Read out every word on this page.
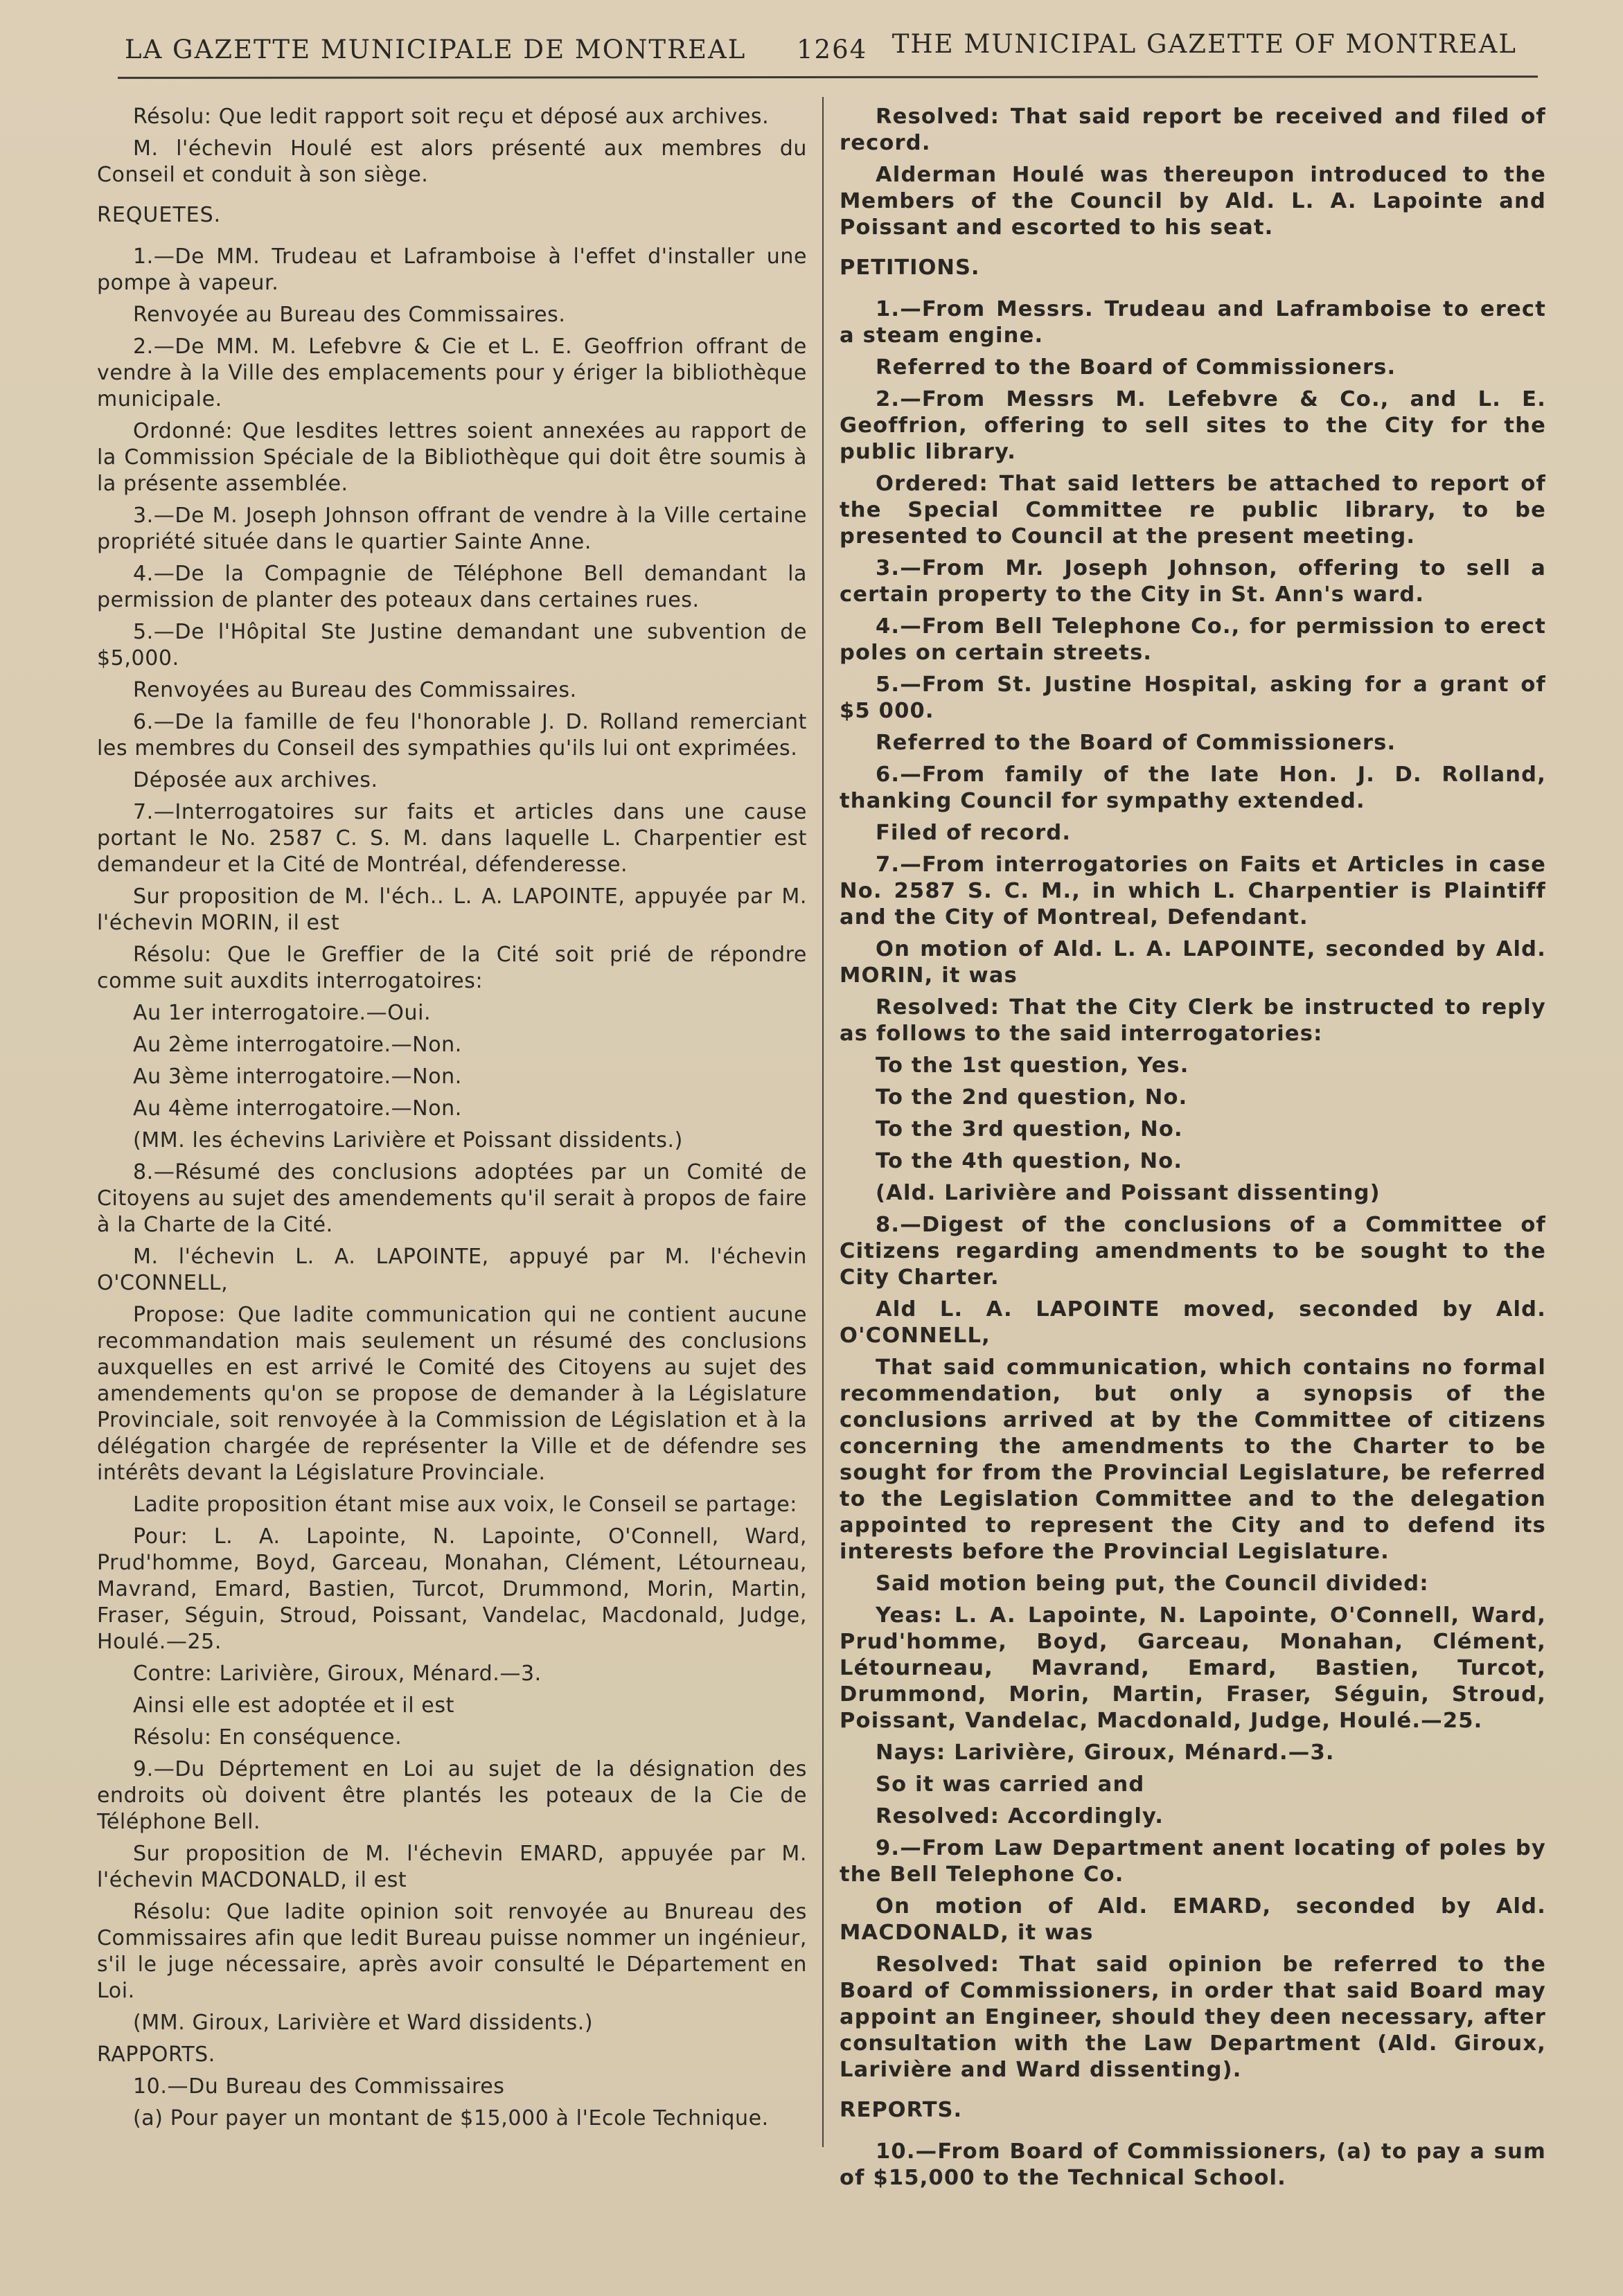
LA GAZETTE MUNICIPALE DE MONTREAL 1264 THE MUNICIPAL GAZETTE OF MONTREAL

Résolu: Que ledit rapport soit reçu et déposé aux archives.

M. l'échevin Houlé est alors présenté aux membres du Conseil et conduit à son siège.

REQUETES.

1.—De MM. Trudeau et Laframboise à l'effet d'installer une pompe à vapeur.

Renvoyée au Bureau des Commissaires.

2.—De MM. M. Lefebvre & Cie et L. E. Geoffrion offrant de vendre à la Ville des emplacements pour y ériger la bibliothèque municipale.

Ordonné: Que lesdites lettres soient annexées au rapport de la Commission Spéciale de la Bibliothèque qui doit être soumis à la présente assemblée.

3.—De M. Joseph Johnson offrant de vendre à la Ville certaine propriété située dans le quartier Sainte Anne.

4.—De la Compagnie de Téléphone Bell demandant la permission de planter des poteaux dans certaines rues.

5.—De l'Hôpital Ste Justine demandant une subvention de $5,000.

Renvoyées au Bureau des Commissaires.

6.—De la famille de feu l'honorable J. D. Rolland remerciant les membres du Conseil des sympathies qu'ils lui ont exprimées.

Déposée aux archives.

7.—Interrogatoires sur faits et articles dans une cause portant le No. 2587 C. S. M. dans laquelle L. Charpentier est demandeur et la Cité de Montréal, défenderesse.

Sur proposition de M. l'éch.. L. A. LAPOINTE, appuyée par M. l'échevin MORIN, il est

Résolu: Que le Greffier de la Cité soit prié de répondre comme suit auxdits interrogatoires:

Au 1er interrogatoire.—Oui.

Au 2ème interrogatoire.—Non.

Au 3ème interrogatoire.—Non.

Au 4ème interrogatoire.—Non.

(MM. les échevins Larivière et Poissant dissidents.)

8.—Résumé des conclusions adoptées par un Comité de Citoyens au sujet des amendements qu'il serait à propos de faire à la Charte de la Cité.

M. l'échevin L. A. LAPOINTE, appuyé par M. l'échevin O'CONNELL,

Propose: Que ladite communication qui ne contient aucune recommandation mais seulement un résumé des conclusions auxquelles en est arrivé le Comité des Citoyens au sujet des amendements qu'on se propose de demander à la Législature Provinciale, soit renvoyée à la Commission de Législation et à la délégation chargée de représenter la Ville et de défendre ses intérêts devant la Législature Provinciale.

Ladite proposition étant mise aux voix, le Conseil se partage:

Pour: L. A. Lapointe, N. Lapointe, O'Connell, Ward, Prud'homme, Boyd, Garceau, Monahan, Clément, Létourneau, Mavrand, Emard, Bastien, Turcot, Drummond, Morin, Martin, Fraser, Séguin, Stroud, Poissant, Vandelac, Macdonald, Judge, Houlé.—25.

Contre: Larivière, Giroux, Ménard.—3.

Ainsi elle est adoptée et il est

Résolu: En conséquence.

9.—Du Déprtement en Loi au sujet de la désignation des endroits où doivent être plantés les poteaux de la Cie de Téléphone Bell.

Sur proposition de M. l'échevin EMARD, appuyée par M. l'échevin MACDONALD, il est

Résolu: Que ladite opinion soit renvoyée au Bnureau des Commissaires afin que ledit Bureau puisse nommer un ingénieur, s'il le juge nécessaire, après avoir consulté le Département en Loi.

(MM. Giroux, Larivière et Ward dissidents.)

RAPPORTS.

10.—Du Bureau des Commissaires

(a) Pour payer un montant de $15,000 à l'Ecole Technique.

Resolved: That said report be received and filed of record.

Alderman Houlé was thereupon introduced to the Members of the Council by Ald. L. A. Lapointe and Poissant and escorted to his seat.

PETITIONS.

1.—From Messrs. Trudeau and Laframboise to erect a steam engine.

Referred to the Board of Commissioners.

2.—From Messrs M. Lefebvre & Co., and L. E. Geoffrion, offering to sell sites to the City for the public library.

Ordered: That said letters be attached to report of the Special Committee re public library, to be presented to Council at the present meeting.

3.—From Mr. Joseph Johnson, offering to sell a certain property to the City in St. Ann's ward.

4.—From Bell Telephone Co., for permission to erect poles on certain streets.

5.—From St. Justine Hospital, asking for a grant of $5 000.

Referred to the Board of Commissioners.

6.—From family of the late Hon. J. D. Rolland, thanking Council for sympathy extended.

Filed of record.

7.—From interrogatories on Faits et Articles in case No. 2587 S. C. M., in which L. Charpentier is Plaintiff and the City of Montreal, Defendant.

On motion of Ald. L. A. LAPOINTE, seconded by Ald. MORIN, it was

Resolved: That the City Clerk be instructed to reply as follows to the said interrogatories:

To the 1st question, Yes.

To the 2nd question, No.

To the 3rd question, No.

To the 4th question, No.

(Ald. Larivière and Poissant dissenting)

8.—Digest of the conclusions of a Committee of Citizens regarding amendments to be sought to the City Charter.

Ald L. A. LAPOINTE moved, seconded by Ald. O'CONNELL,

That said communication, which contains no formal recommendation, but only a synopsis of the conclusions arrived at by the Committee of citizens concerning the amendments to the Charter to be sought for from the Provincial Legislature, be referred to the Legislation Committee and to the delegation appointed to represent the City and to defend its interests before the Provincial Legislature.

Said motion being put, the Council divided:

Yeas: L. A. Lapointe, N. Lapointe, O'Connell, Ward, Prud'homme, Boyd, Garceau, Monahan, Clément, Létourneau, Mavrand, Emard, Bastien, Turcot, Drummond, Morin, Martin, Fraser, Séguin, Stroud, Poissant, Vandelac, Macdonald, Judge, Houlé.—25.

Nays: Larivière, Giroux, Ménard.—3.

So it was carried and

Resolved: Accordingly.

9.—From Law Department anent locating of poles by the Bell Telephone Co.

On motion of Ald. EMARD, seconded by Ald. MACDONALD, it was

Resolved: That said opinion be referred to the Board of Commissioners, in order that said Board may appoint an Engineer, should they deen necessary, after consultation with the Law Department (Ald. Giroux, Larivière and Ward dissenting).

REPORTS.

10.—From Board of Commissioners, (a) to pay a sum of $15,000 to the Technical School.
